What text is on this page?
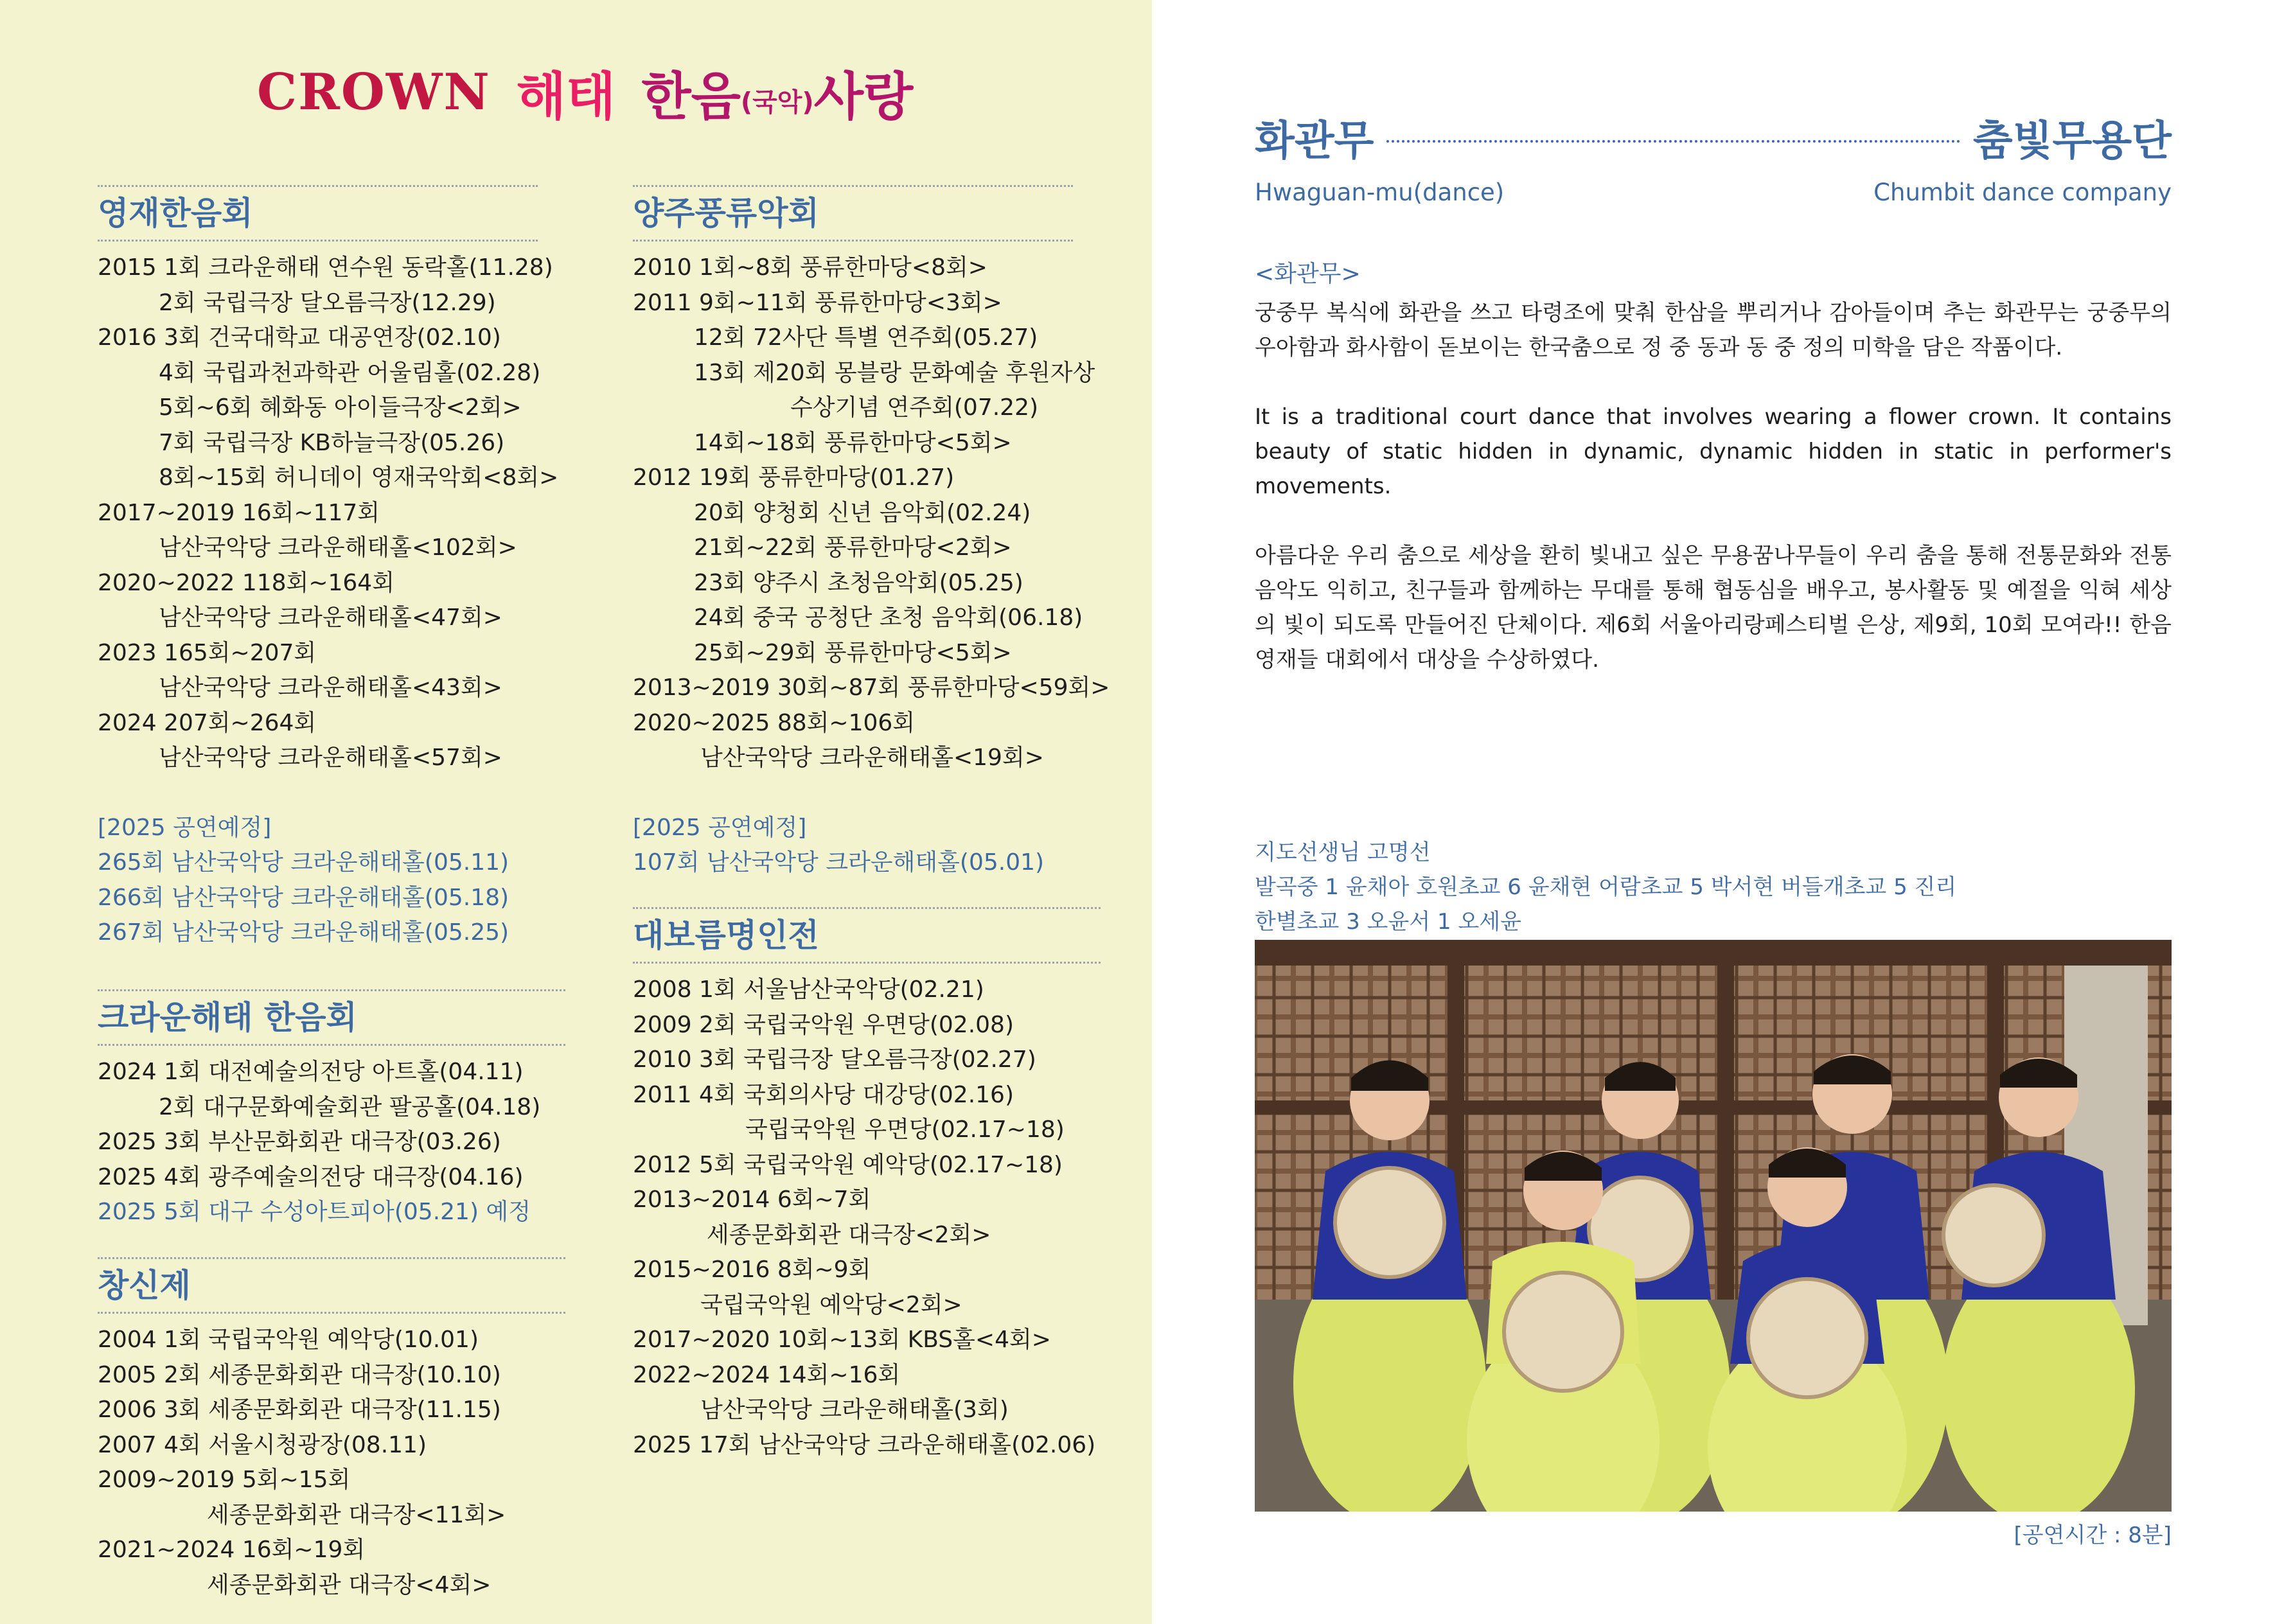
CROWN 해태 한음(국악)사랑
영재한음회
2015 1회 크라운해태 연수원 동락홀(11.28)
2회 국립극장 달오름극장(12.29)
2016 3회 건국대학교 대공연장(02.10)
4회 국립과천과학관 어울림홀(02.28)
5회~6회 혜화동 아이들극장<2회>
7회 국립극장 KB하늘극장(05.26)
8회~15회 허니데이 영재국악회<8회>
2017~2019 16회~117회
남산국악당 크라운해태홀<102회>
2020~2022 118회~164회
남산국악당 크라운해태홀<47회>
2023 165회~207회
남산국악당 크라운해태홀<43회>
2024 207회~264회
남산국악당 크라운해태홀<57회>
[2025 공연예정]
265회 남산국악당 크라운해태홀(05.11)
266회 남산국악당 크라운해태홀(05.18)
267회 남산국악당 크라운해태홀(05.25)
크라운해태 한음회
2024 1회 대전예술의전당 아트홀(04.11)
2회 대구문화예술회관 팔공홀(04.18)
2025 3회 부산문화회관 대극장(03.26)
2025 4회 광주예술의전당 대극장(04.16)
2025 5회 대구 수성아트피아(05.21) 예정
창신제
2004 1회 국립국악원 예악당(10.01)
2005 2회 세종문화회관 대극장(10.10)
2006 3회 세종문화회관 대극장(11.15)
2007 4회 서울시청광장(08.11)
2009~2019 5회~15회
세종문화회관 대극장<11회>
2021~2024 16회~19회
세종문화회관 대극장<4회>
양주풍류악회
2010 1회~8회 풍류한마당<8회>
2011 9회~11회 풍류한마당<3회>
12회 72사단 특별 연주회(05.27)
13회 제20회 몽블랑 문화예술 후원자상
수상기념 연주회(07.22)
14회~18회 풍류한마당<5회>
2012 19회 풍류한마당(01.27)
20회 양청회 신년 음악회(02.24)
21회~22회 풍류한마당<2회>
23회 양주시 초청음악회(05.25)
24회 중국 공청단 초청 음악회(06.18)
25회~29회 풍류한마당<5회>
2013~2019 30회~87회 풍류한마당<59회>
2020~2025 88회~106회
남산국악당 크라운해태홀<19회>
[2025 공연예정]
107회 남산국악당 크라운해태홀(05.01)
대보름명인전
2008 1회 서울남산국악당(02.21)
2009 2회 국립국악원 우면당(02.08)
2010 3회 국립극장 달오름극장(02.27)
2011 4회 국회의사당 대강당(02.16)
국립국악원 우면당(02.17~18)
2012 5회 국립국악원 예악당(02.17~18)
2013~2014 6회~7회
세종문화회관 대극장<2회>
2015~2016 8회~9회
국립국악원 예악당<2회>
2017~2020 10회~13회 KBS홀<4회>
2022~2024 14회~16회
남산국악당 크라운해태홀(3회)
2025 17회 남산국악당 크라운해태홀(02.06)
화관무	춤빛무용단
Hwaguan-mu(dance)	Chumbit dance company
<화관무>

궁중무 복식에 화관을 쓰고 타령조에 맞춰 한삼을 뿌리거나 감아들이며 추는 화관무는 궁중무의 우아함과 화사함이 돋보이는 한국춤으로 정 중 동과 동 중 정의 미학을 담은 작품이다.

It is a traditional court dance that involves wearing a flower crown. It contains beauty of static hidden in dynamic, dynamic hidden in static in performer's movements.

아름다운 우리 춤으로 세상을 환히 빛내고 싶은 무용꿈나무들이 우리 춤을 통해 전통문화와 전통음악도 익히고, 친구들과 함께하는 무대를 통해 협동심을 배우고, 봉사활동 및 예절을 익혀 세상의 빛이 되도록 만들어진 단체이다. 제6회 서울아리랑페스티벌 은상, 제9회, 10회 모여라!! 한음영재들 대회에서 대상을 수상하였다.

지도선생님 고명선
발곡중 1 윤채아 호원초교 6 윤채현 어람초교 5 박서현 버들개초교 5 진리
한별초교 3 오윤서 1 오세윤
[공연시간 : 8분]
